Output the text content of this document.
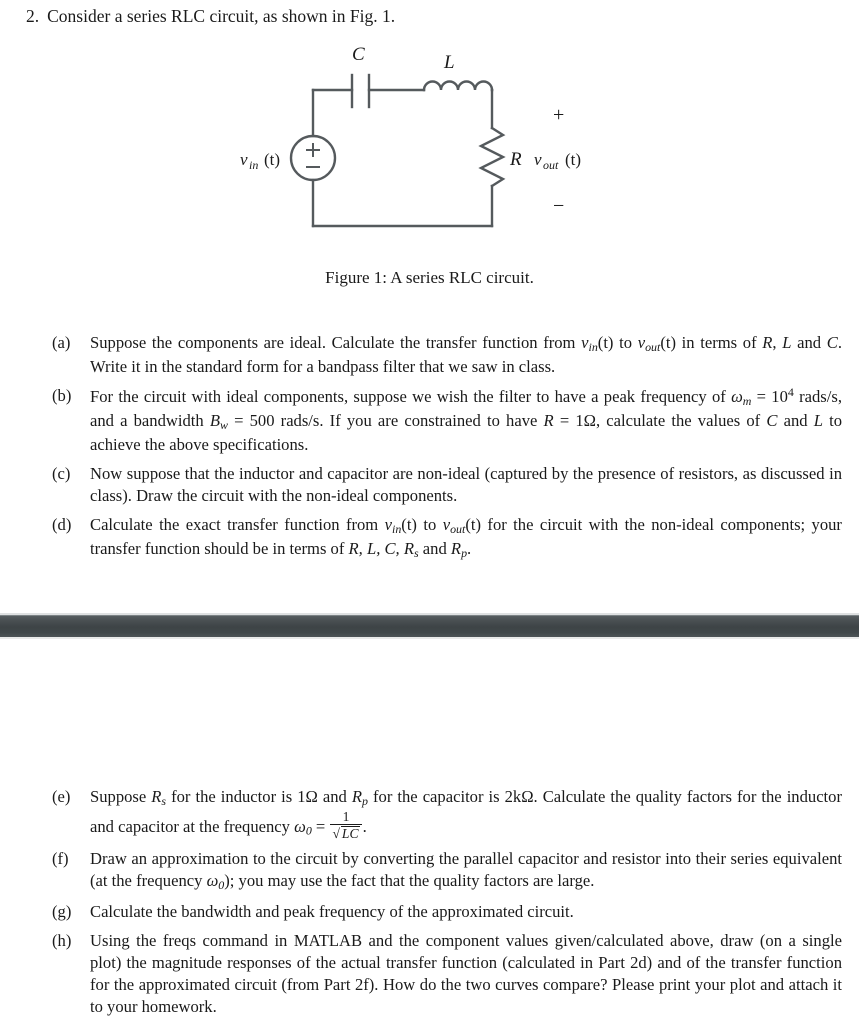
2. Consider a series RLC circuit, as shown in Fig. 1.
C	L
R
v in (t)	v out (t)
+
−
Figure 1: A series RLC circuit.
(a)	Suppose the components are ideal. Calculate the transfer function from $v_{in}(t)$ to $v_{out}(t)$ in terms of R, L and C. Write it in the standard form for a bandpass filter that we saw in class.
(b)	For the circuit with ideal components, suppose we wish the filter to have a peak frequency of $\omega_m = 10^4$ rads/s, and a bandwidth $B_w = 500$ rads/s. If you are constrained to have R = 1Ω, calculate the values of C and L to achieve the above specifications.
(c)	Now suppose that the inductor and capacitor are non-ideal (captured by the presence of resistors, as discussed in class). Draw the circuit with the non-ideal components.
(d)	Calculate the exact transfer function from $v_{in}(t)$ to $v_{out}(t)$ for the circuit with the non-ideal components; your transfer function should be in terms of R, L, C, $R_s$ and $R_p$.
(e)	Suppose $R_s$ for the inductor is 1Ω and $R_p$ for the capacitor is 2kΩ. Calculate the quality factors for the inductor and capacitor at the frequency $\omega_0 = \frac{1}{√ LC}$ .
(f)	Draw an approximation to the circuit by converting the parallel capacitor and resistor into their series equivalent (at the frequency $\omega_0$); you may use the fact that the quality factors are large.
(g)	Calculate the bandwidth and peak frequency of the approximated circuit.
(h)	Using the freqs command in MATLAB and the component values given/calculated above, draw (on a single plot) the magnitude responses of the actual transfer function (calculated in Part 2d) and of the transfer function for the approximated circuit (from Part 2f). How do the two curves compare? Please print your plot and attach it to your homework.
